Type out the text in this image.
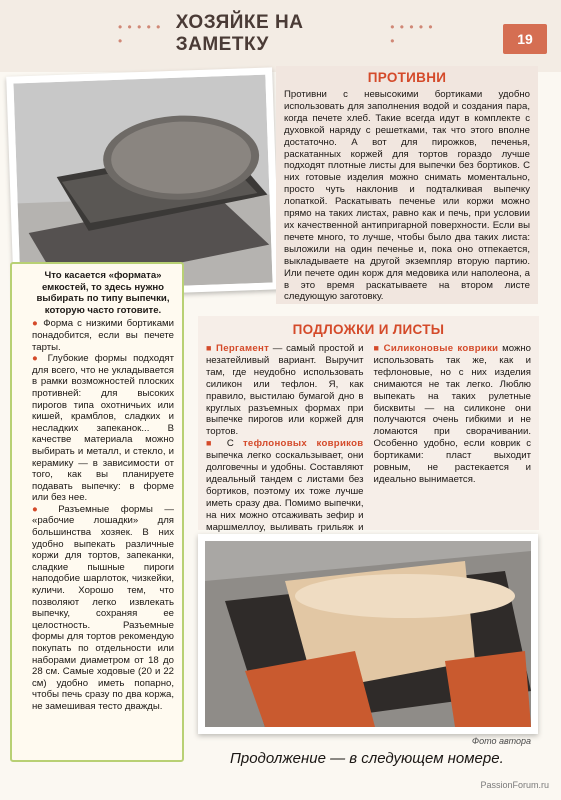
• • • • • •
ХОЗЯЙКЕ НА ЗАМЕТКУ
• • • • • •	19
ПРОТИВНИ

Противни с невысокими бортиками удобно использовать для заполнения водой и создания пара, когда печете хлеб. Такие всегда идут в комплекте с духовкой наряду с решетками, так что этого вполне достаточно. А вот для пирожков, печенья, раскатанных коржей для тортов гораздо лучше подходят плотные листы для выпечки без бортиков. С них готовые изделия можно снимать моментально, просто чуть наклонив и подталкивая выпечку лопаткой. Раскатывать печенье или коржи можно прямо на таких листах, равно как и печь, при условии их качественной антипригарной поверхности. Если вы печете много, то лучше, чтобы было два таких листа: выложили на один печенье и, пока оно отпекается, выкладываете на другой экземпляр вторую партию. Или печете один корж для медовика или наполеона, а в это время раскатываете на втором листе следующую заготовку.

Что касается «формата» емкостей, то здесь нужно выбирать по типу выпечки, которую часто готовите.

● Форма с низкими бортиками понадобится, если вы печете тарты.

● Глубокие формы подходят для всего, что не укладывается в рамки возможностей плоских противней: для высоких пирогов типа охотничьих или кишей, крамблов, сладких и несладких запеканок... В качестве материала можно выбирать и металл, и стекло, и керамику — в зависимости от того, как вы планируете подавать выпечку: в форме или без нее.

● Разъемные формы — «рабочие лошадки» для большинства хозяек. В них удобно выпекать различные коржи для тортов, запеканки, сладкие пышные пироги наподобие шарлоток, чизкейки, куличи. Хорошо тем, что позволяют легко извлекать выпечку, сохраняя ее целостность. Разъемные формы для тортов рекомендую покупать по отдельности или наборами диаметром от 18 до 28 см. Самые ходовые (20 и 22 см) удобно иметь попарно, чтобы печь сразу по два коржа, не замешивая тесто дважды.

ПОДЛОЖКИ И ЛИСТЫ

■ Пергамент — самый простой и незатейливый вариант. Выручит там, где неудобно использовать силикон или тефлон. Я, как правило, выстилаю бумагой дно в круглых разъемных формах при выпечке пирогов или коржей для тортов.

■ С тефлоновых ковриков выпечка легко соскальзывает, они долговечны и удобны. Составляют идеальный тандем с листами без бортиков, поэтому их тоже лучше иметь сразу два. Помимо выпечки, на них можно отсаживать зефир и маршмеллоу, выливать грильяж и

■ Силиконовые коврики можно использовать так же, как и тефлоновые, но с них изделия снимаются не так легко. Люблю выпекать на таких рулетные бисквиты — на силиконе они получаются очень гибкими и не ломаются при сворачивании. Особенно удобно, если коврик с бортиками: пласт выходит ровным, не растекается и идеально вынимается.

Фото автора
Продолжение — в следующем номере.
PassionForum.ru
